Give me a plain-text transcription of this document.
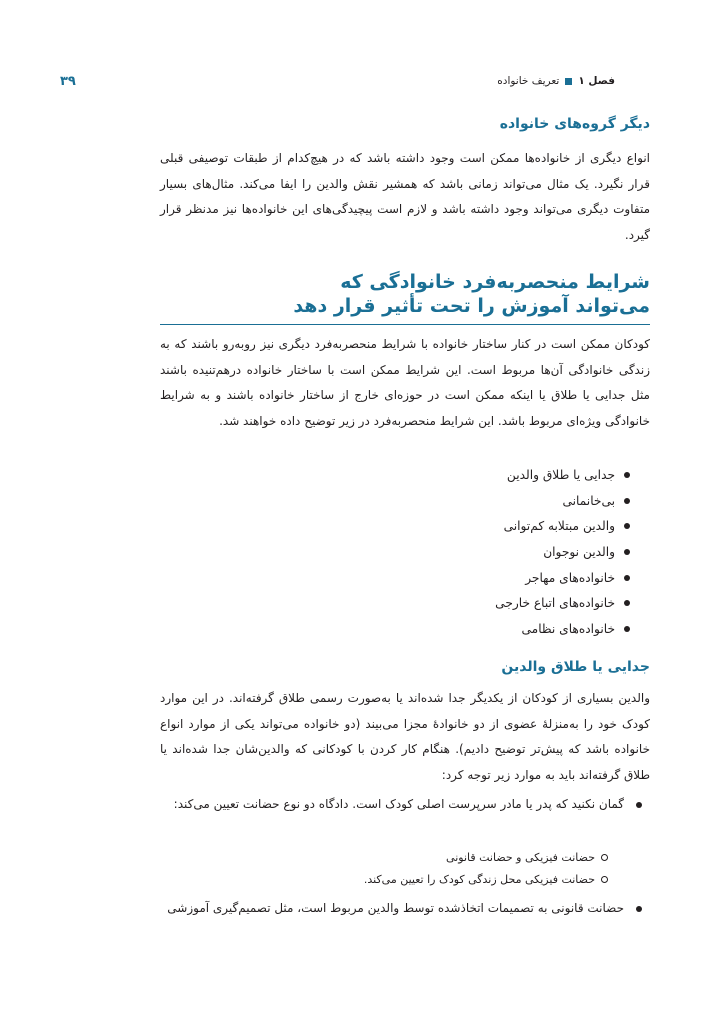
فصل ۱
تعریف خانواده
۳۹
دیگر گروه‌های خانواده
انواع دیگری از خانواده‌ها ممکن است وجود داشته باشد که در هیچ‌کدام از طبقات توصیفی قبلی قرار نگیرد. یک مثال می‌تواند زمانی باشد که همشیر نقش والدین را ایفا می‌کند. مثال‌های بسیار متفاوت دیگری می‌تواند وجود داشته باشد و لازم است پیچیدگی‌های این خانواده‌ها نیز مدنظر قرار گیرد.
شرایط منحصربه‌فرد خانوادگی که
می‌تواند آموزش را تحت تأثیر قرار دهد
کودکان ممکن است در کنار ساختار خانواده با شرایط منحصربه‌فرد دیگری نیز روبه‌رو باشند که به زندگی خانوادگی آن‌ها مربوط است. این شرایط ممکن است با ساختار خانواده درهم‌تنیده باشند مثل جدایی یا طلاق یا اینکه ممکن است در حوزه‌ای خارج از ساختار خانواده باشند و به شرایط خانوادگی ویژه‌ای مربوط باشد. این شرایط منحصربه‌فرد در زیر توضیح داده خواهند شد.
جدایی یا طلاق والدین
بی‌خانمانی
والدین مبتلابه کم‌توانی
والدین نوجوان
خانواده‌های مهاجر
خانواده‌های اتباع خارجی
خانواده‌های نظامی
جدایی یا طلاق والدین
والدین بسیاری از کودکان از یکدیگر جدا شده‌اند یا به‌صورت رسمی طلاق گرفته‌اند. در این موارد کودک خود را به‌منزلهٔ عضوی از دو خانوادهٔ مجزا می‌بیند (دو خانواده می‌تواند یکی از موارد انواع خانواده باشد که پیش‌تر توضیح دادیم). هنگام کار کردن با کودکانی که والدین‌شان جدا شده‌اند یا طلاق گرفته‌اند باید به موارد زیر توجه کرد:
گمان نکنید که پدر یا مادر سرپرست اصلی کودک است. دادگاه دو نوع حضانت تعیین می‌کند:
حضانت فیزیکی و حضانت قانونی
حضانت فیزیکی محل زندگی کودک را تعیین می‌کند.
حضانت قانونی به تصمیمات اتخاذشده توسط والدین مربوط است، مثل تصمیم‌گیری آموزشی
